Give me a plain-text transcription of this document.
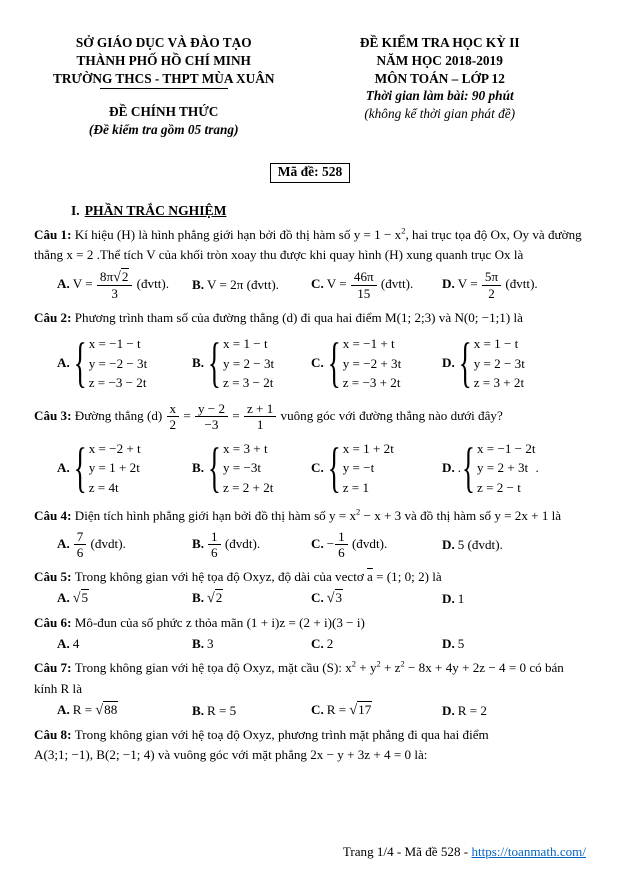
SỞ GIÁO DỤC VÀ ĐÀO TẠO
THÀNH PHỐ HỒ CHÍ MINH
TRƯỜNG THCS - THPT MÙA XUÂN
ĐỀ CHÍNH THỨC
(Đề kiểm tra gồm 05 trang)
ĐỀ KIỂM TRA HỌC KỲ II
NĂM HỌC 2018-2019
MÔN TOÁN – LỚP 12
Thời gian làm bài: 90 phút
(không kể thời gian phát đề)
Mã đề: 528
I. PHẦN TRẮC NGHIỆM
Câu 1: Kí hiệu (H) là hình phẳng giới hạn bởi đồ thị hàm số $y = 1 - x^2$, hai trục tọa độ Ox, Oy và đường thẳng x = 2 .Thể tích V của khối tròn xoay thu được khi quay hình (H) xung quanh trục Ox là
A. $V = \frac{8\pi√2}{3}$ (đvtt).	B. V = 2π (đvtt).	C. $V = \frac{46\pi}{15}$ (đvtt).	D. $V = \frac{5\pi}{2}$ (đvtt).
Câu 2: Phương trình tham số của đường thẳng (d) đi qua hai điểm M(1; 2;3) và N(0; −1;1) là
A. { x = −1 − t
y = −2 − 3t
z = −3 − 2t
B. { x = 1 − t
y = 2 − 3t
z = 3 − 2t
C. { x = −1 + t
y = −2 + 3t
z = −3 + 2t
D. { x = 1 − t
y = 2 − 3t
z = 3 + 2t
Câu 3: Đường thẳng $(d) \frac{x}{2} = \frac{y - 2}{-3} = \frac{z + 1}{1}$ vuông góc với đường thẳng nào dưới đây?
A. { x = −2 + t
y = 1 + 2t
z = 4t
B. { x = 3 + t
y = −3t
z = 2 + 2t
C. { x = 1 + 2t
y = −t
z = 1
D. . { x = −1 − 2t
y = 2 + 3t
z = 2 − t
.
Câu 4: Diện tích hình phẳng giới hạn bởi đồ thị hàm số $y = x^2 - x + 3$ và đồ thị hàm số y = 2x + 1 là
A. $\frac{7}{6}$ (đvdt).	B. $\frac{1}{6}$ (đvdt).	C. − $\frac{1}{6}$ (đvdt).	D. 5 (đvdt).
Câu 5: Trong không gian với hệ tọa độ Oxyz, độ dài của vectơ $\overline{a} = (1$; 0; 2) là
A. √5	B. √2	C. √3	D. 1
Câu 6: Mô-đun của số phức z thỏa mãn (1 + i)z = (2 + i)(3 − i)
A. 4	B. 3	C. 2	D. 5
Câu 7: Trong không gian với hệ tọa độ Oxyz, mặt cầu (S): $x^2 + y^2 + z^2 - 8x + 4y + 2z - 4 = 0$ có bán kính R là
A. R = √88	B. R = 5	C. R = √17	D. R = 2
Câu 8: Trong không gian với hệ toạ độ Oxyz, phương trình mặt phẳng đi qua hai điểm
A(3;1; −1), B(2; −1; 4) và vuông góc với mặt phẳng 2x − y + 3z + 4 = 0 là:
Trang 1/4 - Mã đề 528 - https://toanmath.com/
